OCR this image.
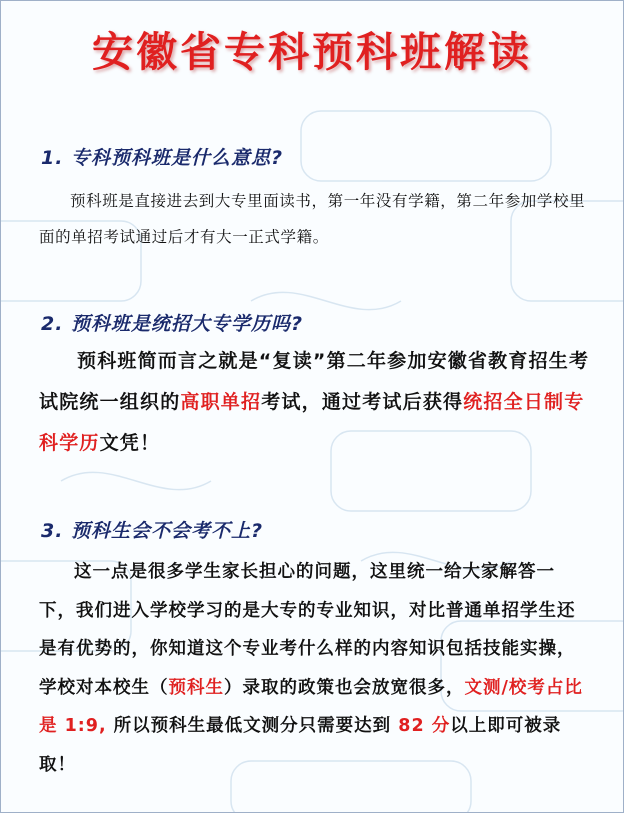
安徽省专科预科班解读
1. 专科预科班是什么意思?
预科班是直接进去到大专里面读书，第一年没有学籍，第二年参加学校里面的单招考试通过后才有大一正式学籍。
2. 预科班是统招大专学历吗?
预科班简而言之就是“复读”第二年参加安徽省教育招生考试院统一组织的高职单招考试，通过考试后获得统招全日制专科学历文凭！
3. 预科生会不会考不上?
这一点是很多学生家长担心的问题，这里统一给大家解答一下，我们进入学校学习的是大专的专业知识，对比普通单招学生还是有优势的，你知道这个专业考什么样的内容知识包括技能实操，学校对本校生（预科生）录取的政策也会放宽很多，文测/校考占比是 1:9, 所以预科生最低文测分只需要达到 82 分以上即可被录取！
